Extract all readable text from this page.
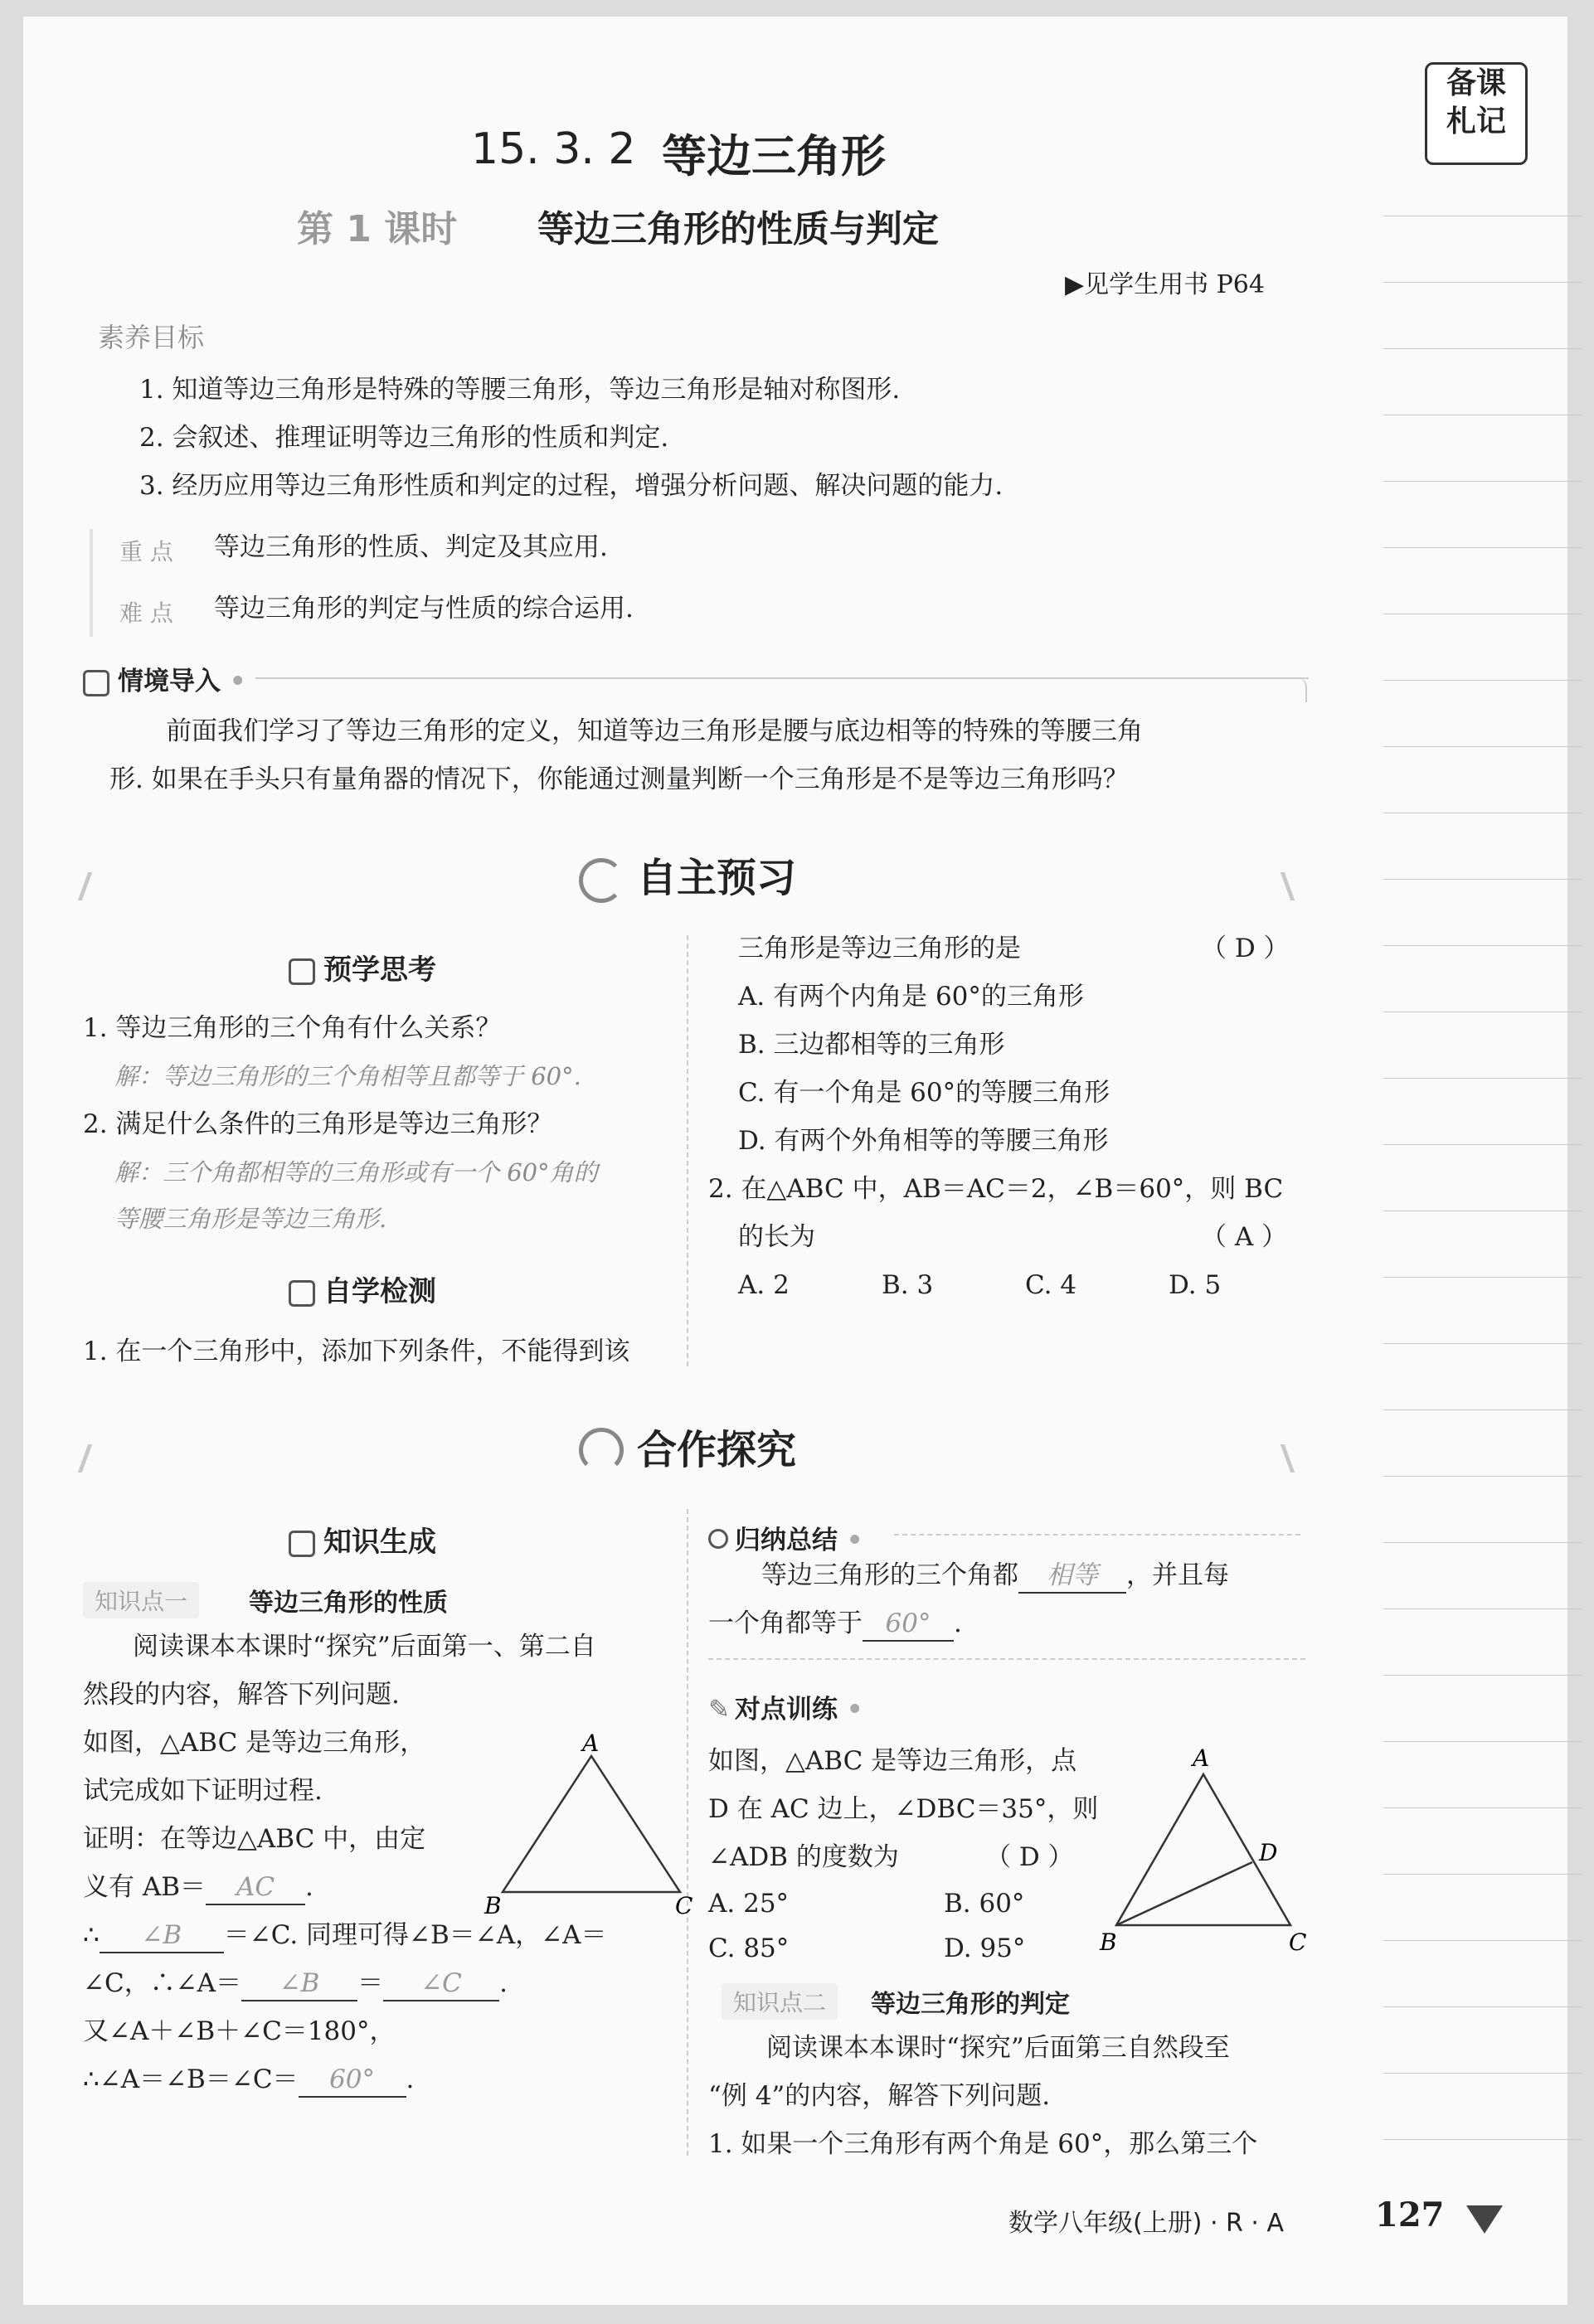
备课
札记
15. 3. 2 等边三角形
第 1 课时 等边三角形的性质与判定
▶见学生用书 P64
素养目标
1. 知道等边三角形是特殊的等腰三角形，等边三角形是轴对称图形.
2. 会叙述、推理证明等边三角形的性质和判定.
3. 经历应用等边三角形性质和判定的过程，增强分析问题、解决问题的能力.
重 点 等边三角形的性质、判定及其应用.
难 点 等边三角形的判定与性质的综合运用.
情境导入 •
前面我们学习了等边三角形的定义，知道等边三角形是腰与底边相等的特殊的等腰三角
形. 如果在手头只有量角器的情况下，你能通过测量判断一个三角形是不是等边三角形吗？
自主预习
预学思考
1. 等边三角形的三个角有什么关系？
解：等边三角形的三个角相等且都等于 60°.
2. 满足什么条件的三角形是等边三角形？
解：三个角都相等的三角形或有一个 60°角的
等腰三角形是等边三角形.
自学检测
1. 在一个三角形中，添加下列条件，不能得到该
三角形是等边三角形的是	（ D ）
A. 有两个内角是 60°的三角形
B. 三边都相等的三角形
C. 有一个角是 60°的等腰三角形
D. 有两个外角相等的等腰三角形
2. 在△ABC 中，AB＝AC＝2，∠B＝60°，则 BC
的长为	（ A ）
A. 2	B. 3	C. 4	D. 5
合作探究
知识生成
知识点一	等边三角形的性质
阅读课本本课时“探究”后面第一、第二自
然段的内容，解答下列问题.
如图，△ABC 是等边三角形，
试完成如下证明过程.
证明：在等边△ABC 中，由定
义有 AB＝ AC .
∴ ∠B ＝∠C. 同理可得∠B＝∠A，∠A＝
∠C，∴∠A＝ ∠B ＝ ∠C .
又∠A＋∠B＋∠C＝180°，
∴∠A＝∠B＝∠C＝ 60° .
A
B	C
归纳总结 •
等边三角形的三个角都 相等 ，并且每
一个角都等于 60° .
✎ 对点训练 •
如图，△ABC 是等边三角形，点
D 在 AC 边上，∠DBC＝35°，则
∠ADB 的度数为	（ D ）
A. 25°	B. 60°
C. 85°	D. 95°
A
B	C
D
知识点二	等边三角形的判定
阅读课本本课时“探究”后面第三自然段至
“例 4”的内容，解答下列问题.
1. 如果一个三角形有两个角是 60°，那么第三个
数学八年级(上册) · R · A	127
